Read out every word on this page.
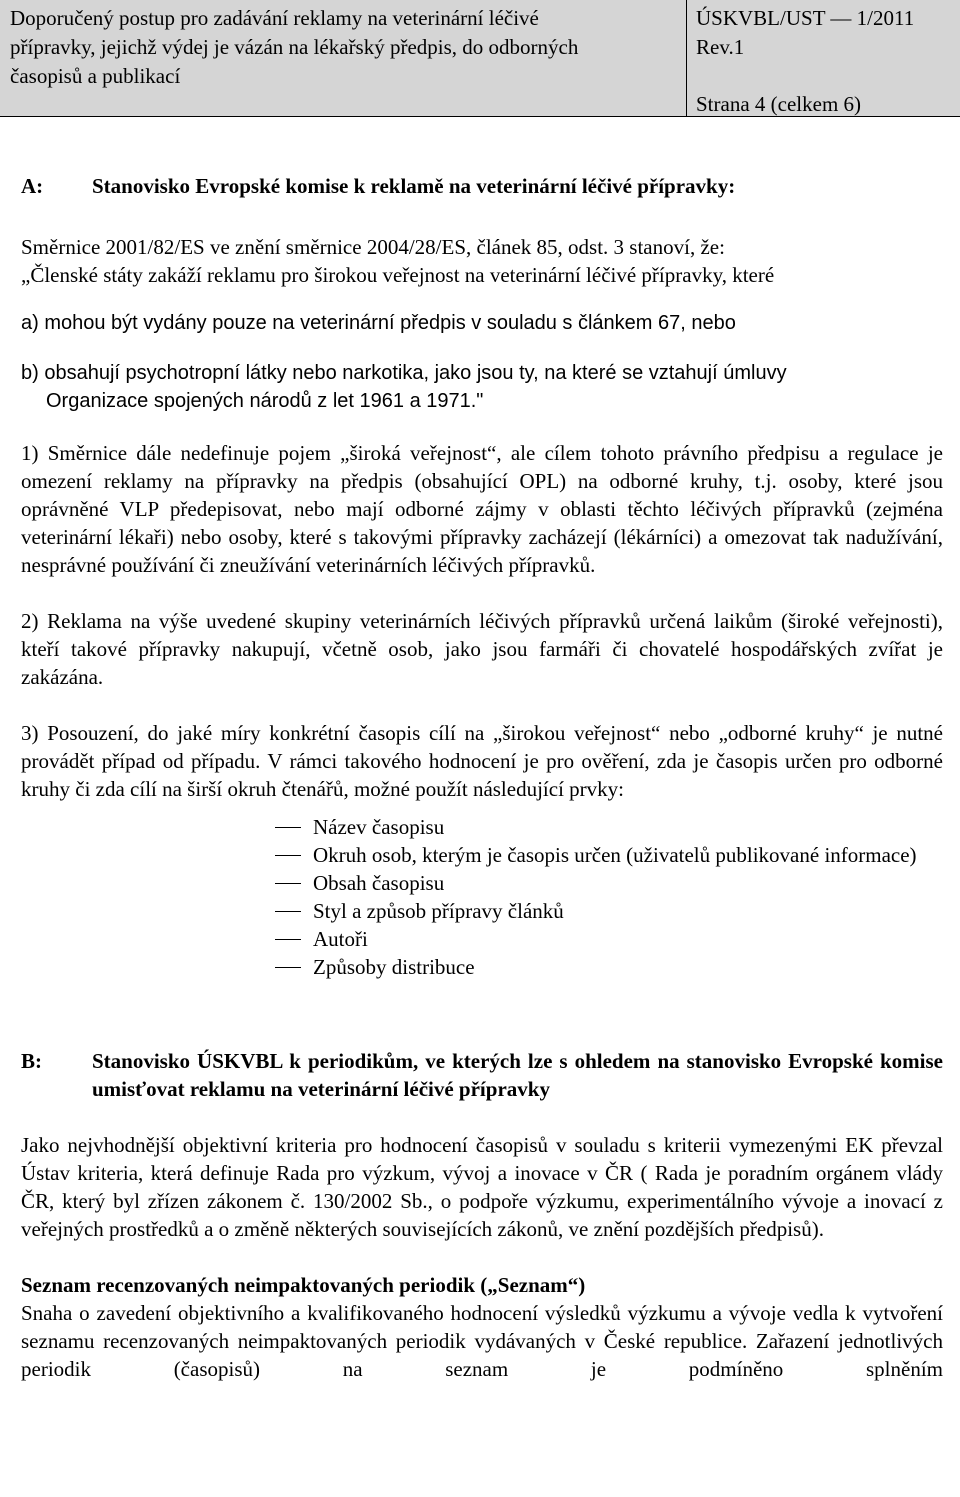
Doporučený postup pro zadávání reklamy na veterinární léčivé
přípravky, jejichž výdej je vázán na lékařský předpis, do odborných
časopisů a publikací
ÚSKVBL/UST — 1/2011
Rev.1
Strana 4 (celkem 6)
A:	Stanovisko Evropské komise k reklamě na veterinární léčivé přípravky:

Směrnice 2001/82/ES ve znění směrnice 2004/28/ES, článek 85, odst. 3 stanoví, že:

„Členské státy zakáží reklamu pro širokou veřejnost na veterinární léčivé přípravky, které

a) mohou být vydány pouze na veterinární předpis v souladu s článkem 67, nebo

b) obsahují psychotropní látky nebo narkotika, jako jsou ty, na které se vztahují úmluvy

Organizace spojených národů z let 1961 a 1971."

1) Směrnice dále nedefinuje pojem „široká veřejnost“, ale cílem tohoto právního předpisu a regulace je omezení reklamy na přípravky na předpis (obsahující OPL) na odborné kruhy, t.j. osoby, které jsou oprávněné VLP předepisovat, nebo mají odborné zájmy v oblasti těchto léčivých přípravků (zejména veterinární lékaři) nebo osoby, které s takovými přípravky zacházejí (lékárníci) a omezovat tak nadužívání, nesprávné používání či zneužívání veterinárních léčivých přípravků.

2) Reklama na výše uvedené skupiny veterinárních léčivých přípravků určená laikům (široké veřejnosti), kteří takové přípravky nakupují, včetně osob, jako jsou farmáři či chovatelé hospodářských zvířat je zakázána.

3) Posouzení, do jaké míry konkrétní časopis cílí na „širokou veřejnost“ nebo „odborné kruhy“ je nutné provádět případ od případu. V rámci takového hodnocení je pro ověření, zda je časopis určen pro odborné kruhy či zda cílí na širší okruh čtenářů, možné použít následující prvky:

Název časopisu
Okruh osob, kterým je časopis určen (uživatelů publikované informace)
Obsah časopisu
Styl a způsob přípravy článků
Autoři
Způsoby distribuce
B:	Stanovisko ÚSKVBL k periodikům, ve kterých lze s ohledem na stanovisko Evropské komise umisťovat reklamu na veterinární léčivé přípravky

Jako nejvhodnější objektivní kriteria pro hodnocení časopisů v souladu s kriterii vymezenými EK převzal Ústav kriteria, která definuje Rada pro výzkum, vývoj a inovace v ČR ( Rada je poradním orgánem vlády ČR, který byl zřízen zákonem č. 130/2002 Sb., o podpoře výzkumu, experimentálního vývoje a inovací z veřejných prostředků a o změně některých souvisejících zákonů, ve znění pozdějších předpisů).

Seznam recenzovaných neimpaktovaných periodik („Seznam“)

Snaha o zavedení objektivního a kvalifikovaného hodnocení výsledků výzkumu a vývoje vedla k vytvoření seznamu recenzovaných neimpaktovaných periodik vydávaných v České republice. Zařazení jednotlivých periodik (časopisů) na seznam je podmíněno splněním
